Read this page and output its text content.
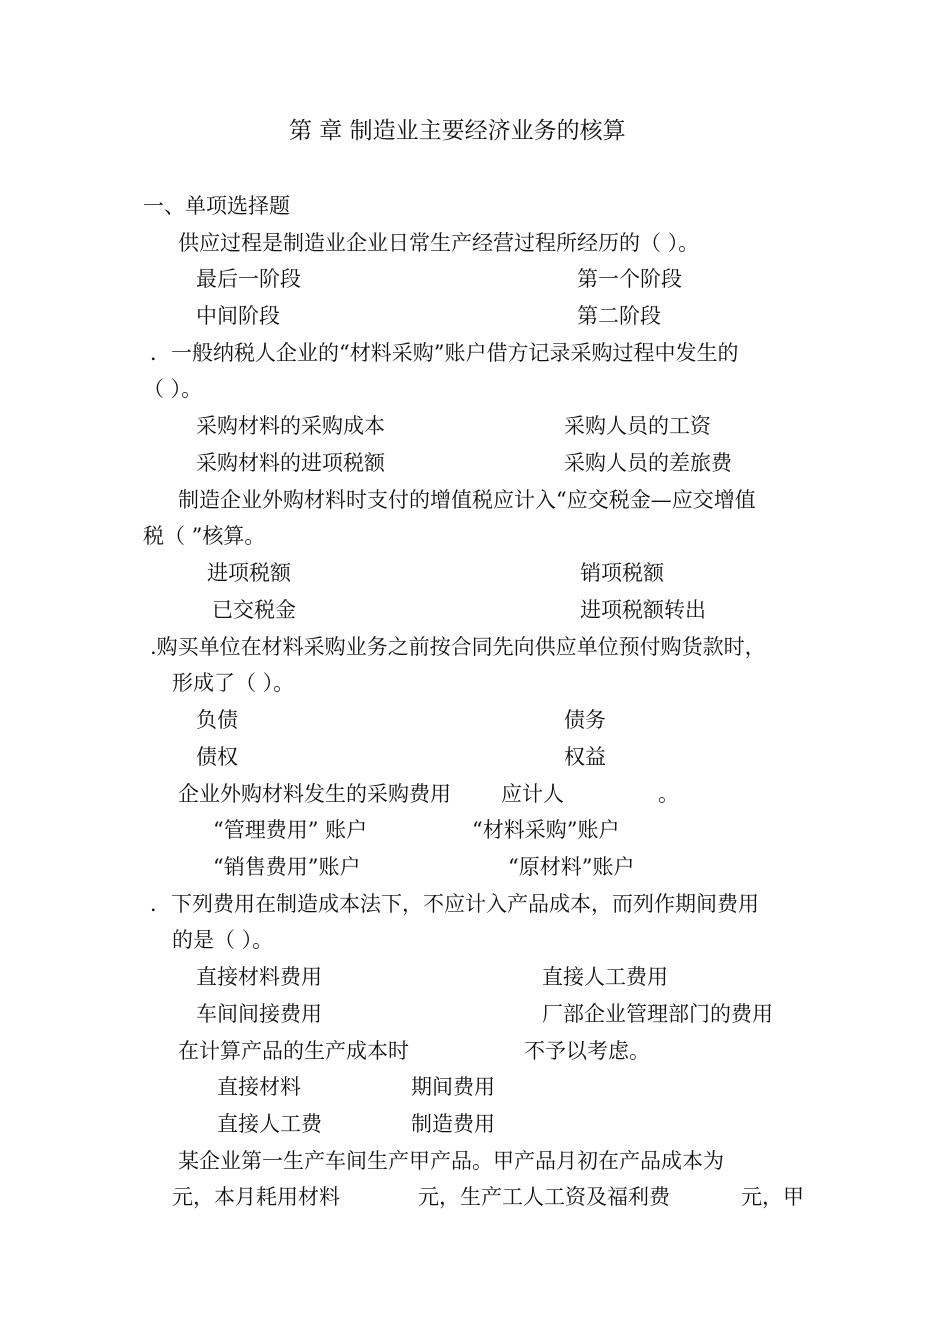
第 章 制造业主要经济业务的核算
一、单项选择题
供应过程是制造业企业日常生产经营过程所经历的（ ）。
最后一阶段	第一个阶段
中间阶段	第二阶段
．一般纳税人企业的“材料采购”账户借方记录采购过程中发生的
（ ）。
采购材料的采购成本	采购人员的工资
采购材料的进项税额	采购人员的差旅费
制造企业外购材料时支付的增值税应计入“应交税金—应交增值
税（ ”核算。
进项税额	销项税额
已交税金	进项税额转出
.购买单位在材料采购业务之前按合同先向供应单位预付购货款时，
形成了（ ）。
负债	债务
债权	权益
企业外购材料发生的采购费用 应计人	。
“管理费用” 账户	“材料采购”账户
“销售费用”账户	“原材料”账户
．下列费用在制造成本法下，不应计入产品成本，而列作期间费用
的是（ ）。
直接材料费用	直接人工费用
车间间接费用	厂部企业管理部门的费用
在计算产品的生产成本时	不予以考虑。
直接材料	期间费用
直接人工费	制造费用
某企业第一生产车间生产甲产品。甲产品月初在产品成本为
元，本月耗用材料	元，生产工人工资及福利费	元，甲
